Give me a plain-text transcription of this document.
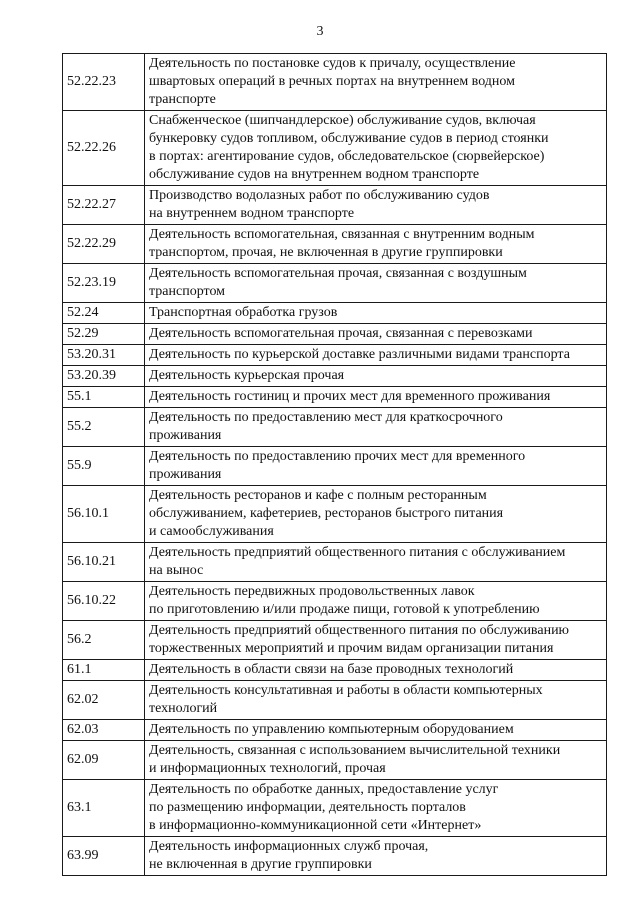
3
52.22.23	Деятельность по постановке судов к причалу, осуществление
швартовых операций в речных портах на внутреннем водном
транспорте
52.22.26	Снабженческое (шипчандлерское) обслуживание судов, включая
бункеровку судов топливом, обслуживание судов в период стоянки
в портах: агентирование судов, обследовательское (сюрвейерское)
обслуживание судов на внутреннем водном транспорте
52.22.27	Производство водолазных работ по обслуживанию судов
на внутреннем водном транспорте
52.22.29	Деятельность вспомогательная, связанная с внутренним водным
транспортом, прочая, не включенная в другие группировки
52.23.19	Деятельность вспомогательная прочая, связанная с воздушным
транспортом
52.24	Транспортная обработка грузов
52.29	Деятельность вспомогательная прочая, связанная с перевозками
53.20.31	Деятельность по курьерской доставке различными видами транспорта
53.20.39	Деятельность курьерская прочая
55.1	Деятельность гостиниц и прочих мест для временного проживания
55.2	Деятельность по предоставлению мест для краткосрочного
проживания
55.9	Деятельность по предоставлению прочих мест для временного
проживания
56.10.1	Деятельность ресторанов и кафе с полным ресторанным
обслуживанием, кафетериев, ресторанов быстрого питания
и самообслуживания
56.10.21	Деятельность предприятий общественного питания с обслуживанием
на вынос
56.10.22	Деятельность передвижных продовольственных лавок
по приготовлению и/или продаже пищи, готовой к употреблению
56.2	Деятельность предприятий общественного питания по обслуживанию
торжественных мероприятий и прочим видам организации питания
61.1	Деятельность в области связи на базе проводных технологий
62.02	Деятельность консультативная и работы в области компьютерных
технологий
62.03	Деятельность по управлению компьютерным оборудованием
62.09	Деятельность, связанная с использованием вычислительной техники
и информационных технологий, прочая
63.1	Деятельность по обработке данных, предоставление услуг
по размещению информации, деятельность порталов
в информационно-коммуникационной сети «Интернет»
63.99	Деятельность информационных служб прочая,
не включенная в другие группировки
